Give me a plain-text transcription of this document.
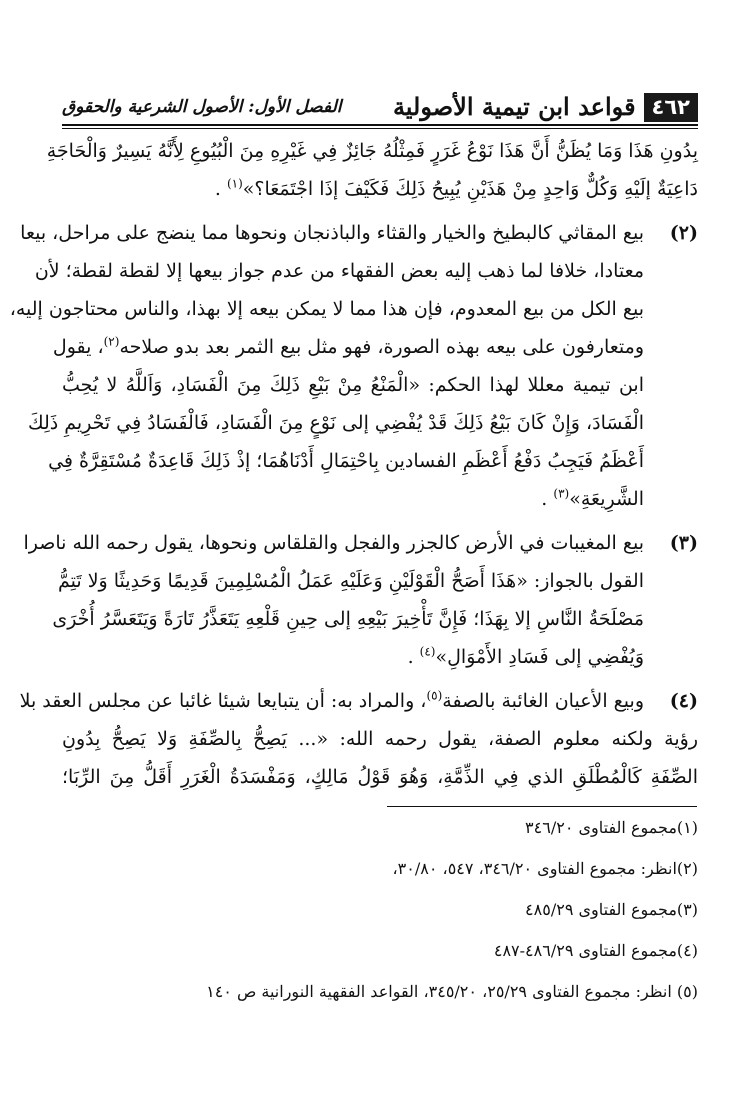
٤٦٢
قواعد ابن تيمية الأصولية
الفصل الأول: الأصول الشرعية والحقوق
بِدُونِ هَذَا وَمَا يُظَنُّ أَنَّ هَذَا نَوْعُ غَرَرٍ فَمِثْلُهُ جَائِزٌ فِي غَيْرِهِ مِنَ الْبُيُوعِ لِأَنَّهُ يَسِيرٌ وَالْحَاجَةِ
دَاعِيَةٌ إلَيْهِ وَكُلٌّ وَاحِدٍ مِنْ هَذَيْنِ يُبِيحُ ذَلِكَ فَكَيْفَ إذَا اجْتَمَعَا؟»$^{(١)}$ .
(٢)
بيع المقاثي كالبطيخ والخيار والقثاء والباذنجان ونحوها مما ينضج على مراحل، بيعا
معتادا، خلافا لما ذهب إليه بعض الفقهاء من عدم جواز بيعها إلا لقطة لقطة؛ لأن
بيع الكل من بيع المعدوم، فإن هذا مما لا يمكن بيعه إلا بهذا، والناس محتاجون إليه،
ومتعارفون على بيعه بهذه الصورة، فهو مثل بيع الثمر بعد بدو صلاحه$^{(٢)}$، يقول
ابن تيمية معللا لهذا الحكم: «الْمَنْعُ مِنْ بَيْعِ ذَلِكَ مِنَ الْفَسَادِ، وَاَللَّهُ لا يُحِبُّ
الْفَسَادَ، وَإِنْ كَانَ بَيْعُ ذَلِكَ قَدْ يُفْضِي إلى نَوْعٍ مِنَ الْفَسَادِ، فَالْفَسَادُ فِي تَحْرِيمِ ذَلِكَ
أَعْظَمُ فَيَجِبُ دَفْعُ أَعْظَمِ الفسادين بِاحْتِمَالِ أَدْنَاهُمَا؛ إذْ ذَلِكَ قَاعِدَةٌ مُسْتَقِرَّةٌ فِي
الشَّرِيعَةِ»$^{(٣)}$ .
(٣)
بيع المغيبات في الأرض كالجزر والفجل والقلقاس ونحوها، يقول رحمه الله ناصرا
القول بالجواز: «هَذَا أَصَحُّ الْقَوْلَيْنِ وَعَلَيْهِ عَمَلُ الْمُسْلِمِينَ قَدِيمًا وَحَدِيثًا وَلا تَتِمُّ
مَصْلَحَةُ النَّاسِ إلا بِهَذَا؛ فَإِنَّ تَأْخِيرَ بَيْعِهِ إلى حِينِ قَلْعِهِ يَتَعَذَّرُ تَارَةً وَيَتَعَسَّرُ أُخْرَى
وَيُفْضِي إلى فَسَادِ الأَمْوَالِ»$^{(٤)}$ .
(٤)
وبيع الأعيان الغائبة بالصفة$^{(٥)}$، والمراد به: أن يتبايعا شيئا غائبا عن مجلس العقد بلا
رؤية ولكنه معلوم الصفة، يقول رحمه الله: «... يَصِحُّ بِالصِّفَةِ وَلا يَصِحُّ بِدُونِ
الصِّفَةِ كَالْمُطْلَقِ الذي فِي الذِّمَّةِ، وَهُوَ قَوْلُ مَالِكٍ، وَمَفْسَدَةُ الْغَرَرِ أَقَلُّ مِنَ الرِّبَا؛
(١)مجموع الفتاوى ٣٤٦/٢٠
(٢)انظر: مجموع الفتاوى ٣٤٦/٢٠، ٥٤٧، ٣٠/٨٠،
(٣)مجموع الفتاوى ٤٨٥/٢٩
(٤)مجموع الفتاوى ٤٨٦/٢٩-٤٨٧
(٥) انظر: مجموع الفتاوى ٢٥/٢٩، ٣٤٥/٢٠، القواعد الفقهية النورانية ص ١٤٠
